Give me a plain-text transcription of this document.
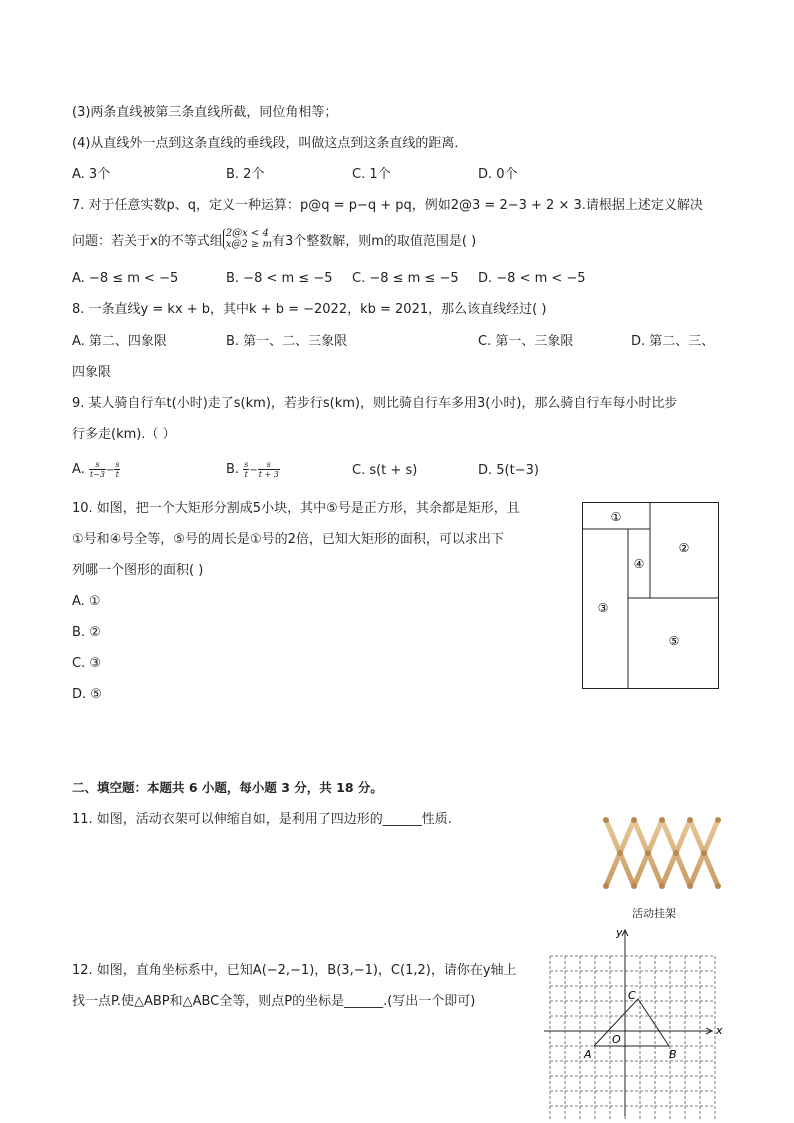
(3)两条直线被第三条直线所截，同位角相等；
(4)从直线外一点到这条直线的垂线段，叫做这点到这条直线的距离．
A. 3个	B. 2个	C. 1个	D. 0个
7. 对于任意实数p、q，定义一种运算：p@q = p−q + pq，例如2@3 = 2−3 + 2 × 3.请根据上述定义解决
问题：若关于x的不等式组
2@x < 4
x@2 ≥ m 有3个整数解，则m的取值范围是( )
A. −8 ≤ m < −5	B. −8 < m ≤ −5 C. −8 ≤ m ≤ −5 D. −8 < m < −5
8. 一条直线y = kx + b，其中k + b = −2022，kb = 2021，那么该直线经过( )
A. 第二、四象限	B. 第一、二、三象限	C. 第一、三象限	D. 第二、三、
四象限
9. 某人骑自行车t(小时)走了s(km)，若步行s(km)，则比骑自行车多用3(小时)，那么骑自行车每小时比步
行多走(km).（ ）
A. $\frac{s}{t-3} - \frac{s}{t}$	B. $\frac{s}{t} - \frac{s}{t + 3}$	C. s(t + s)	D. 5(t−3)
10. 如图，把一个大矩形分割成5小块，其中⑤号是正方形，其余都是矩形，且
①号和④号全等，⑤号的周长是①号的2倍，已知大矩形的面积，可以求出下
列哪一个图形的面积( )
A. ①
B. ②
C. ③
D. ⑤
①
②
③
④
⑤
二、填空题：本题共 6 小题，每小题 3 分，共 18 分。
11. 如图，活动衣架可以伸缩自如，是利用了四边形的______性质.
活动挂架
12. 如图，直角坐标系中，已知A(−2,−1)，B(3,−1)，C(1,2)，请你在y轴上
找一点P.使△ABP和△ABC全等，则点P的坐标是______.(写出一个即可)
x
y
O
A	B
C
